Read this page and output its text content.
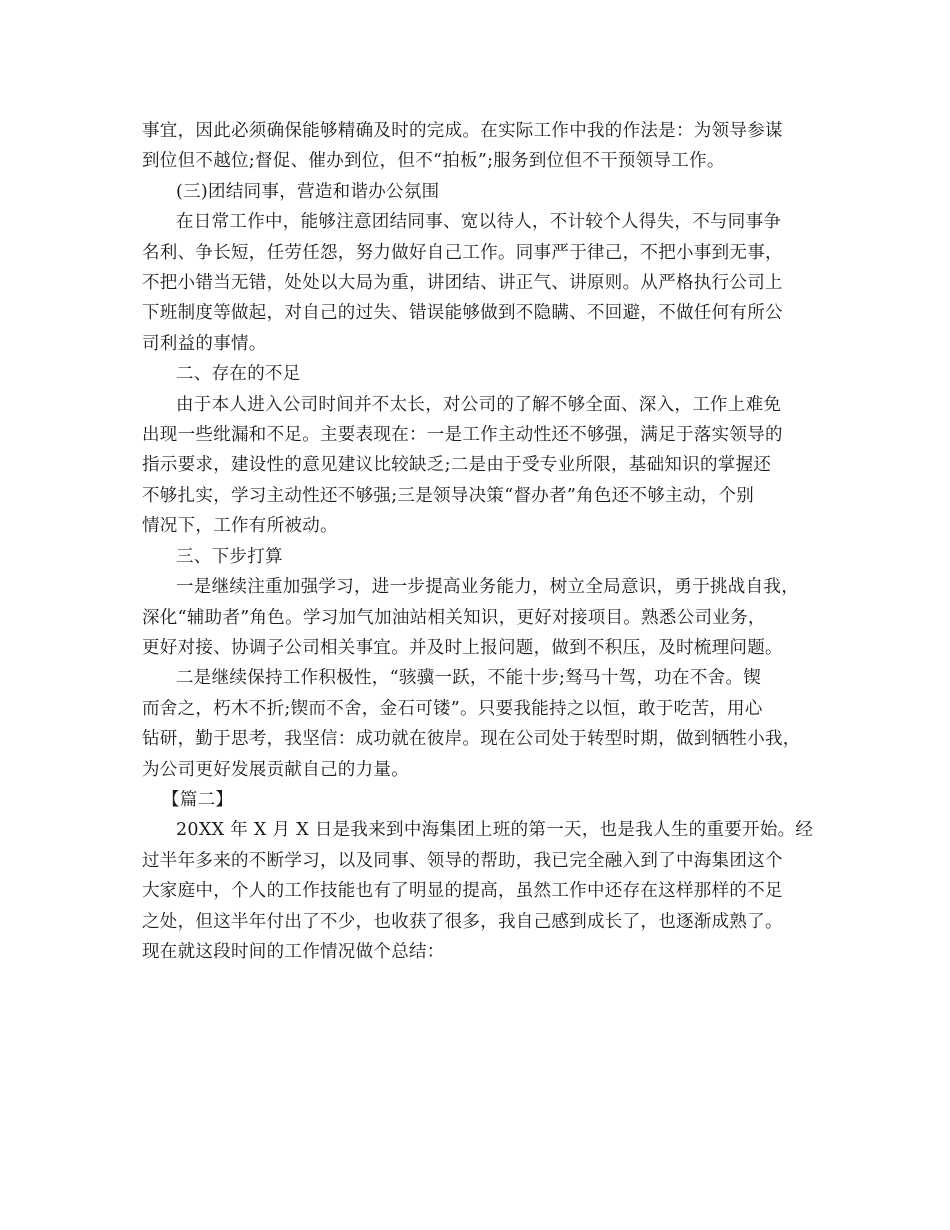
事宜，因此必须确保能够精确及时的完成。在实际工作中我的作法是：为领导参谋
到位但不越位;督促、催办到位，但不“拍板”;服务到位但不干预领导工作。
(三)团结同事，营造和谐办公氛围
在日常工作中，能够注意团结同事、宽以待人，不计较个人得失，不与同事争
名利、争长短，任劳任怨，努力做好自己工作。同事严于律己，不把小事到无事，
不把小错当无错，处处以大局为重，讲团结、讲正气、讲原则。从严格执行公司上
下班制度等做起，对自己的过失、错误能够做到不隐瞒、不回避，不做任何有所公
司利益的事情。
二、存在的不足
由于本人进入公司时间并不太长，对公司的了解不够全面、深入，工作上难免
出现一些纰漏和不足。主要表现在：一是工作主动性还不够强，满足于落实领导的
指示要求，建设性的意见建议比较缺乏;二是由于受专业所限，基础知识的掌握还
不够扎实，学习主动性还不够强;三是领导决策“督办者”角色还不够主动，个别
情况下，工作有所被动。
三、下步打算
一是继续注重加强学习，进一步提高业务能力，树立全局意识，勇于挑战自我，
深化“辅助者”角色。学习加气加油站相关知识，更好对接项目。熟悉公司业务，
更好对接、协调子公司相关事宜。并及时上报问题，做到不积压，及时梳理问题。
二是继续保持工作积极性，“骇骥一跃，不能十步;驽马十驾，功在不舍。锲
而舍之，朽木不折;锲而不舍，金石可镂”。只要我能持之以恒，敢于吃苦，用心
钻研，勤于思考，我坚信：成功就在彼岸。现在公司处于转型时期，做到牺牲小我，
为公司更好发展贡献自己的力量。
【篇二】
20XX 年 X 月 X 日是我来到中海集团上班的第一天，也是我人生的重要开始。经
过半年多来的不断学习，以及同事、领导的帮助，我已完全融入到了中海集团这个
大家庭中，个人的工作技能也有了明显的提高，虽然工作中还存在这样那样的不足
之处，但这半年付出了不少，也收获了很多，我自己感到成长了，也逐渐成熟了。
现在就这段时间的工作情况做个总结：
